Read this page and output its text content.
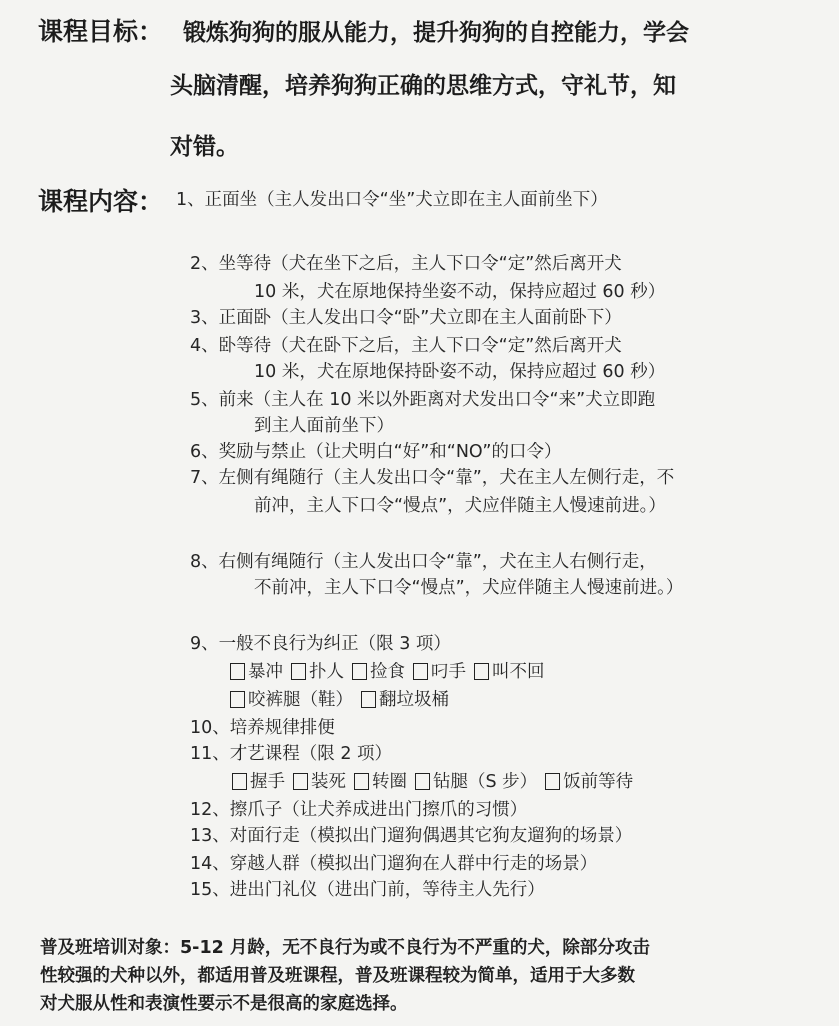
课程目标： 锻炼狗狗的服从能力，提升狗狗的自控能力，学会
头脑清醒，培养狗狗正确的思维方式，守礼节，知
对错。
课程内容： 1、正面坐（主人发出口令“坐”犬立即在主人面前坐下）
2、坐等待（犬在坐下之后，主人下口令“定”然后离开犬
10 米，犬在原地保持坐姿不动，保持应超过 60 秒）
3、正面卧（主人发出口令“卧”犬立即在主人面前卧下）
4、卧等待（犬在卧下之后，主人下口令“定”然后离开犬
10 米，犬在原地保持卧姿不动，保持应超过 60 秒）
5、前来（主人在 10 米以外距离对犬发出口令“来”犬立即跑
到主人面前坐下）
6、奖励与禁止（让犬明白“好”和“NO”的口令）
7、左侧有绳随行（主人发出口令“靠”，犬在主人左侧行走，不
前冲，主人下口令“慢点”，犬应伴随主人慢速前进。）
8、右侧有绳随行（主人发出口令“靠”，犬在主人右侧行走，
不前冲，主人下口令“慢点”，犬应伴随主人慢速前进。）
9、一般不良行为纠正（限 3 项）
暴冲 扑人 捡食 叼手 叫不回
咬裤腿（鞋） 翻垃圾桶
10、培养规律排便
11、才艺课程（限 2 项）
握手 装死 转圈 钻腿（S 步） 饭前等待
12、擦爪子（让犬养成进出门擦爪的习惯）
13、对面行走（模拟出门遛狗偶遇其它狗友遛狗的场景）
14、穿越人群（模拟出门遛狗在人群中行走的场景）
15、进出门礼仪（进出门前，等待主人先行）
普及班培训对象：5-12 月龄，无不良行为或不良行为不严重的犬，除部分攻击
性较强的犬种以外，都适用普及班课程，普及班课程较为简单，适用于大多数
对犬服从性和表演性要示不是很高的家庭选择。
